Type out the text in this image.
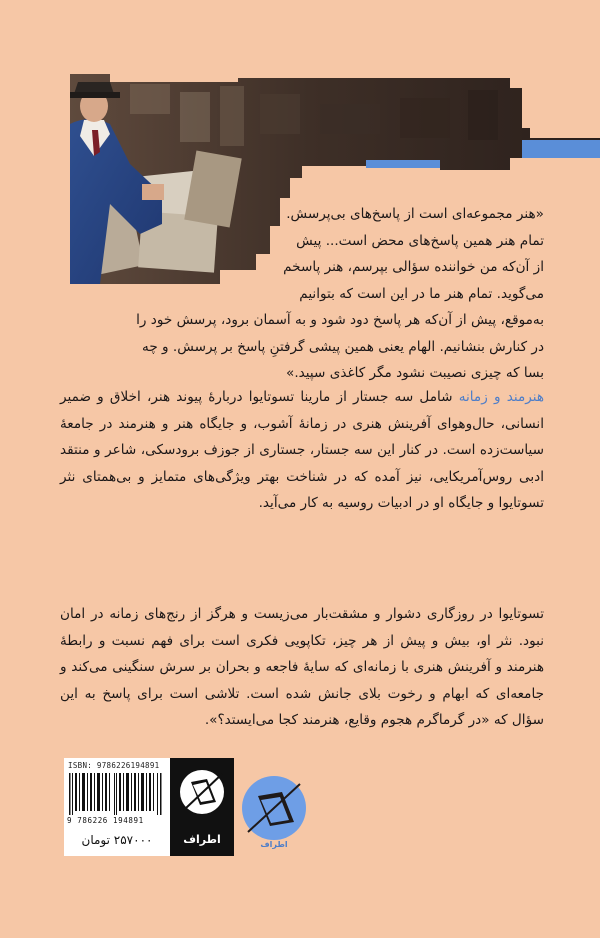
«هنر مجموعه‌ای است از پاسخ‌های بی‌پرسش.
تمام هنر همین پاسخ‌های محض است... پیش
از آن‌که من خواننده سؤالی بپرسم، هنر پاسخم
می‌گوید. تمام هنر ما در این است که بتوانیم
به‌موقع، پیش از آن‌که هر پاسخ دود شود و به آسمان برود، پرسش خود را
در کنارش بنشانیم. الهام یعنی همین پیشی گرفتنِ پاسخ بر پرسش. و چه
بسا که چیزی نصیبت نشود مگر کاغذی سپید.»
هنرمند و زمانه شامل سه جستار از مارینا تسوتایوا دربارهٔ پیوند هنر، اخلاق و ضمیر انسانی، حال‌وهوای آفرینش هنری در زمانهٔ آشوب، و جایگاه هنر و هنرمند در جامعهٔ سیاست‌زده است. در کنار این سه جستار، جستاری از جوزف برودسکی، شاعر و منتقد ادبی روس‌آمریکایی، نیز آمده که در شناخت بهتر ویژگی‌های متمایز و بی‌همتای نثر تسوتایوا و جایگاه او در ادبیات روسیه به کار می‌آید.
تسوتایوا در روزگاری دشوار و مشقت‌بار می‌زیست و هرگز از رنج‌های زمانه در امان نبود. نثر او، بیش و پیش از هر چیز، تکاپویی فکری است برای فهم نسبت و رابطهٔ هنرمند و آفرینش هنری با زمانه‌ای که سایهٔ فاجعه و بحران بر سرش سنگینی می‌کند و جامعه‌ای که ابهام و رخوت بلای جانش شده است. تلاشی است برای پاسخ به این سؤال که «در گرماگرم هجوم وقایع، هنرمند کجا می‌ایستد؟».
ISBN: 9786226194891
9 786226 194891
۲۵۷۰۰۰ تومان	اطراف	اطراف
